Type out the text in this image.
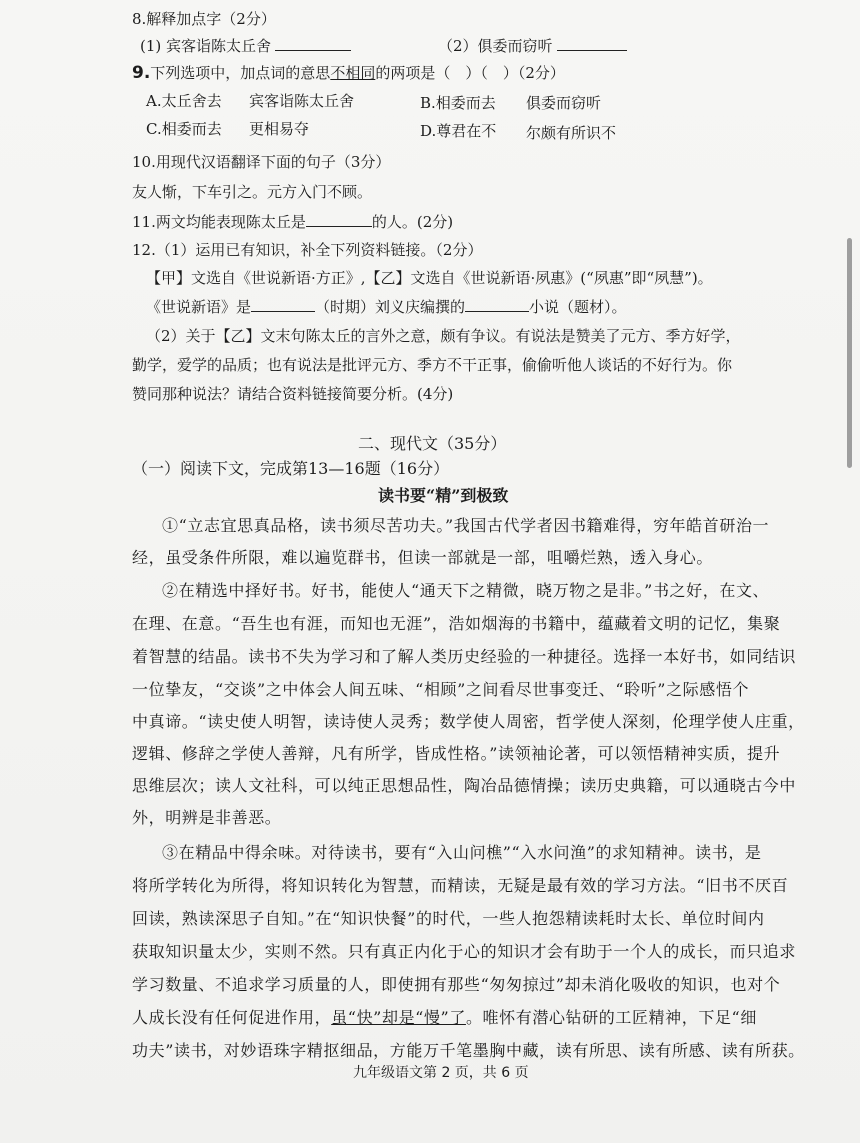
8.解释加点字（2分）
(1) 宾客诣陈太丘舍	（2）俱委而窃听
9.下列选项中，加点词的意思不相同的两项是（　）（　）（2分）
A.太丘舍去 宾客诣陈太丘舍	B.相委而去 俱委而窃听
C.相委而去 更相易夺	D.尊君在不 尔颇有所识不
10.用现代汉语翻译下面的句子（3分）
友人惭，下车引之。元方入门不顾。
11.两文均能表现陈太丘是	的人。(2分)
12.（1）运用已有知识，补全下列资料链接。（2分）
【甲】文选自《世说新语·方正》,【乙】文选自《世说新语·夙惠》(“夙惠”即“夙慧”)。
《世说新语》是	（时期）刘义庆编撰的	小说（题材）。
（2）关于【乙】文末句陈太丘的言外之意，颇有争议。有说法是赞美了元方、季方好学，
勤学，爱学的品质；也有说法是批评元方、季方不干正事，偷偷听他人谈话的不好行为。你
赞同那种说法？请结合资料链接简要分析。(4分)
二、现代文（35分）
（一）阅读下文，完成第13—16题（16分）
读书要“精”到极致
①“立志宜思真品格，读书须尽苦功夫。”我国古代学者因书籍难得，穷年皓首研治一
经，虽受条件所限，难以遍览群书，但读一部就是一部，咀嚼烂熟，透入身心。
②在精选中择好书。好书，能使人“通天下之精微，晓万物之是非。”书之好，在文、
在理、在意。“吾生也有涯，而知也无涯”，浩如烟海的书籍中，蕴藏着文明的记忆，集聚
着智慧的结晶。读书不失为学习和了解人类历史经验的一种捷径。选择一本好书，如同结识
一位挚友，“交谈”之中体会人间五味、“相顾”之间看尽世事变迁、“聆听”之际感悟个
中真谛。“读史使人明智，读诗使人灵秀；数学使人周密，哲学使人深刻，伦理学使人庄重，
逻辑、修辞之学使人善辩，凡有所学，皆成性格。”读领袖论著，可以领悟精神实质，提升
思维层次；读人文社科，可以纯正思想品性，陶冶品德情操；读历史典籍，可以通晓古今中
外，明辨是非善恶。
③在精品中得余味。对待读书，要有“入山问樵”“入水问渔”的求知精神。读书，是
将所学转化为所得，将知识转化为智慧，而精读，无疑是最有效的学习方法。“旧书不厌百
回读，熟读深思子自知。”在“知识快餐”的时代，一些人抱怨精读耗时太长、单位时间内
获取知识量太少，实则不然。只有真正内化于心的知识才会有助于一个人的成长，而只追求
学习数量、不追求学习质量的人，即使拥有那些“匆匆掠过”却未消化吸收的知识，也对个
人成长没有任何促进作用，虽“快”却是“慢”了。唯怀有潜心钻研的工匠精神，下足“细
功夫”读书，对妙语珠字精抠细品，方能万千笔墨胸中藏，读有所思、读有所感、读有所获。
九年级语文第 2 页，共 6 页
